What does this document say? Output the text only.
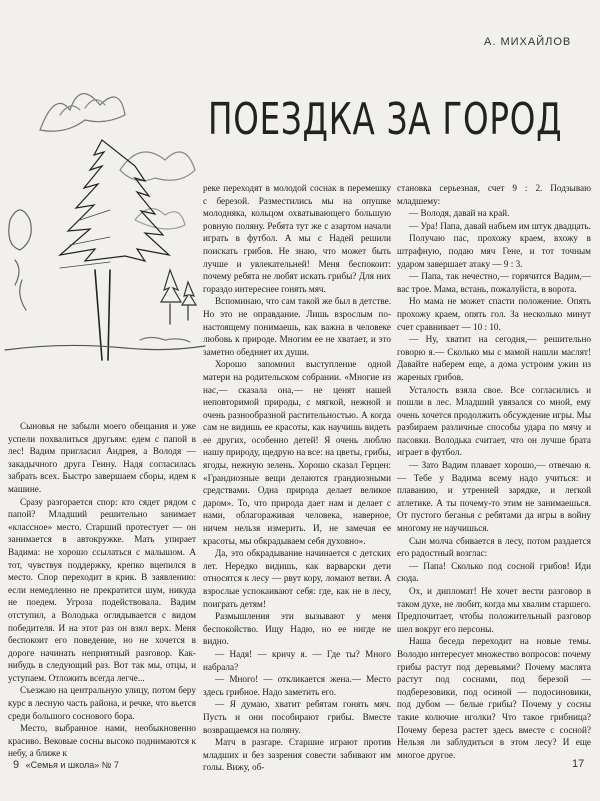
А. МИХАЙЛОВ
ПОЕЗДКА ЗА ГОРОД

Сыновья не забыли моего обещания и уже успели похвалиться другьям: едем с папой в лес! Вадим пригласил Андрея, а Володя — закадычного друга Геину. Надя согласилась забрать всех. Быстро завершаем сборы, идем к машине.

Сразу разгорается спор: кто сядет рядом с папой? Младший решительно занимает «классное» место. Старший протестует — он занимается в автокружке. Мать упирает Вадима: не хорошо ссылаться с малышом. А тот, чувствуя поддержку, крепко вцепился в место. Спор переходит в крик. В заявлению: если немедленно не прекратится шум, никуда не поедем. Угроза подействовала. Вадим отступил, а Володька оглядывается с видом победителя. И на этот раз он взял верх. Меня беспокоит его поведение, но не хочется в дороге начинать неприятный разговор. Как-нибудь в следующий раз. Вот так мы, отцы, и уступаем. Отложить всегда легче...

Съезжаю на центральную улицу, потом беру курс в лесную часть района, и речке, что вьется среди большого соснового бора.

Место, выбранное нами, необыкновенно красиво. Вековые сосны высоко поднимаются к небу, а ближе к

реке переходят в молодой соснак в перемешку с березой. Разместились мы на опушке молодняка, кольцом охватывающего большую ровную поляну. Ребята тут же с азартом начали играть в футбол. А мы с Надей решили поискать грибов. Не знаю, что может быть лучше и увлекательней! Меня беспокоит: почему ребята не любят искать грибы? Для них гораздо интереснее гонять мяч.

Вспоминаю, что сам такой же был в детстве. Но это не оправдание. Лишь взрослым по-настоящему понимаешь, как важна в человеке любовь к природе. Многим ее не хватает, и это заметно обедняет их души.

Хорошо запомнил выступление одной матери на родительском собрании. «Многие из нас,— сказала она,— не ценят нашей неповторимой природы, с мягкой, нежной и очень разнообразной растительностью. А когда сам не видишь ее красоты, как научишь видеть ее других, особенно детей! Я очень люблю нашу природу, щедрую на все: на цветы, грибы, ягоды, нежную зелень. Хорошо сказал Герцен: «Грандиозные вещи делаются грандиозными средствами. Одна природа делает великое даром». То, что природа дает нам и делает с нами, облагораживая человека, наверное, ничем нельзя измерить. И, не замечая ее красоты, мы обкрадываем себя духовно».

Да, это обкрадывание начинается с детских лет. Нередко видишь, как варварски дети относятся к лесу — рвут кору, ломают ветви. А взрослые успокаивают себя: где, как не в лесу, поиграть детям!

Размышления эти вызывают у меня беспокойство. Ищу Надю, но ее нигде не видно.

— Надя! — кричу я. — Где ты? Много набрала?

— Много! — откликается жена.— Место здесь грибное. Надо заметить его.

— Я думаю, хватит ребятам гонять мяч. Пусть и они пособирают грибы. Вместе возвращаемся на поляну.

Матч в разгаре. Старшие играют против младших и без зазрения совести забивают им голы. Вижу, об-

становка серьезная, счет 9 : 2. Подзываю младшему:

— Володя, давай на край.

— Ура! Папа, давай набьем им штук двадцать.

Получаю пас, прохожу краем, вхожу в штрафную, подаю мяч Гене, и тот точным ударом завершает атаку — 9 : 3.

— Папа, так нечестно,— горячится Вадим,— вас трое. Мама, встань, пожалуйста, в ворота.

Но мама не может спасти положение. Опять прохожу краем, опять гол. За несколько минут счет сравнивает — 10 : 10.

— Ну, хватит на сегодня,— решительно говорю я.— Сколько мы с мамой нашли маслят! Давайте наберем еще, а дома устроим ужин из жареных грибов.

Усталость взяла свое. Все согласились и пошли в лес. Младший увязался со мной, ему очень хочется продолжить обсуждение игры. Мы разбираем различные способы удара по мячу и пасовки. Володька считает, что он лучше брата играет в футбол.

— Зато Вадим плавает хорошо,— отвечаю я.— Тебе у Вадима всему надо учиться: и плаванию, и утренней зарядке, и легкой атлетике. А ты почему-то этим не занимаешься. От пустого беганья с ребятами да игры в войну многому не научишься.

Сын молча сбивается в лесу, потом раздается его радостный возглас:

— Папа! Сколько под сосной грибов! Иди сюда.

Ох, и дипломат! Не хочет вести разговор в таком духе, не любит, когда мы хвалим старшего. Предпочитает, чтобы положительный разговор шел вокруг его персоны.

Наша беседа переходит на новые темы. Володю интересует множество вопросов: почему грибы растут под деревьями? Почему маслята растут под соснами, под березой — подберезовики, под осиной — подосиновики, под дубом — белые грибы? Почему у сосны такие колючие иголки? Что такое грибница? Почему береза растет здесь вместе с сосной? Нельзя ли заблудиться в этом лесу? И еще многое другое.

9 «Семья и школа» № 7	17
